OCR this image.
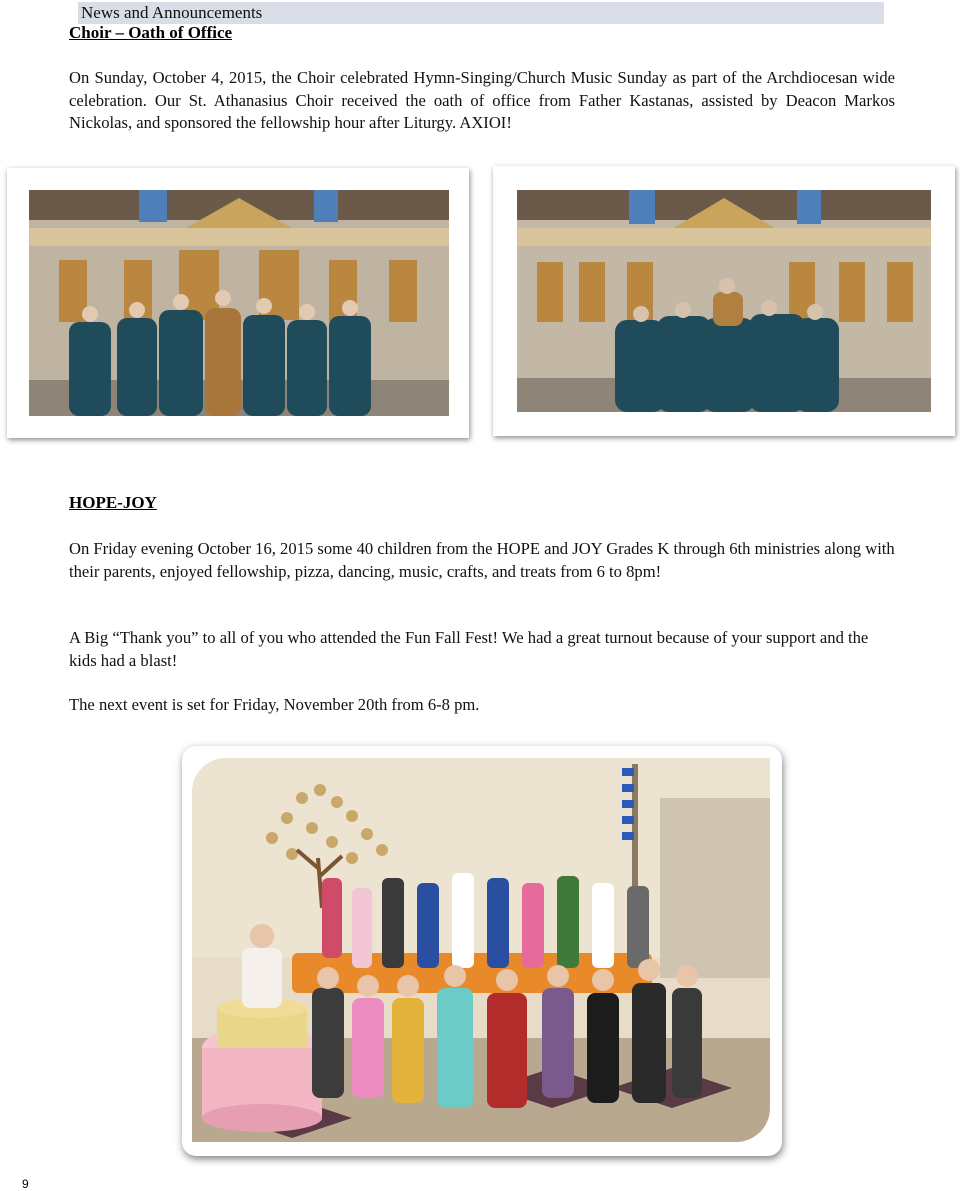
News and Announcements
Choir – Oath of Office
On Sunday, October 4, 2015, the Choir celebrated Hymn-Singing/Church Music Sunday as part of the Archdiocesan wide celebration. Our St. Athanasius Choir received the oath of office from Father Kastanas, assisted by Deacon Markos Nickolas, and sponsored the fellowship hour after Liturgy. AXIOI!
HOPE-JOY
On Friday evening October 16, 2015 some 40 children from the HOPE and JOY Grades K through 6th ministries along with their parents, enjoyed fellowship, pizza, dancing, music, crafts, and treats from 6 to 8pm!
A Big “Thank you” to all of you who attended the Fun Fall Fest! We had a great turnout because of your support and the kids had a blast!
The next event is set for Friday, November 20th from 6-8 pm.
9
